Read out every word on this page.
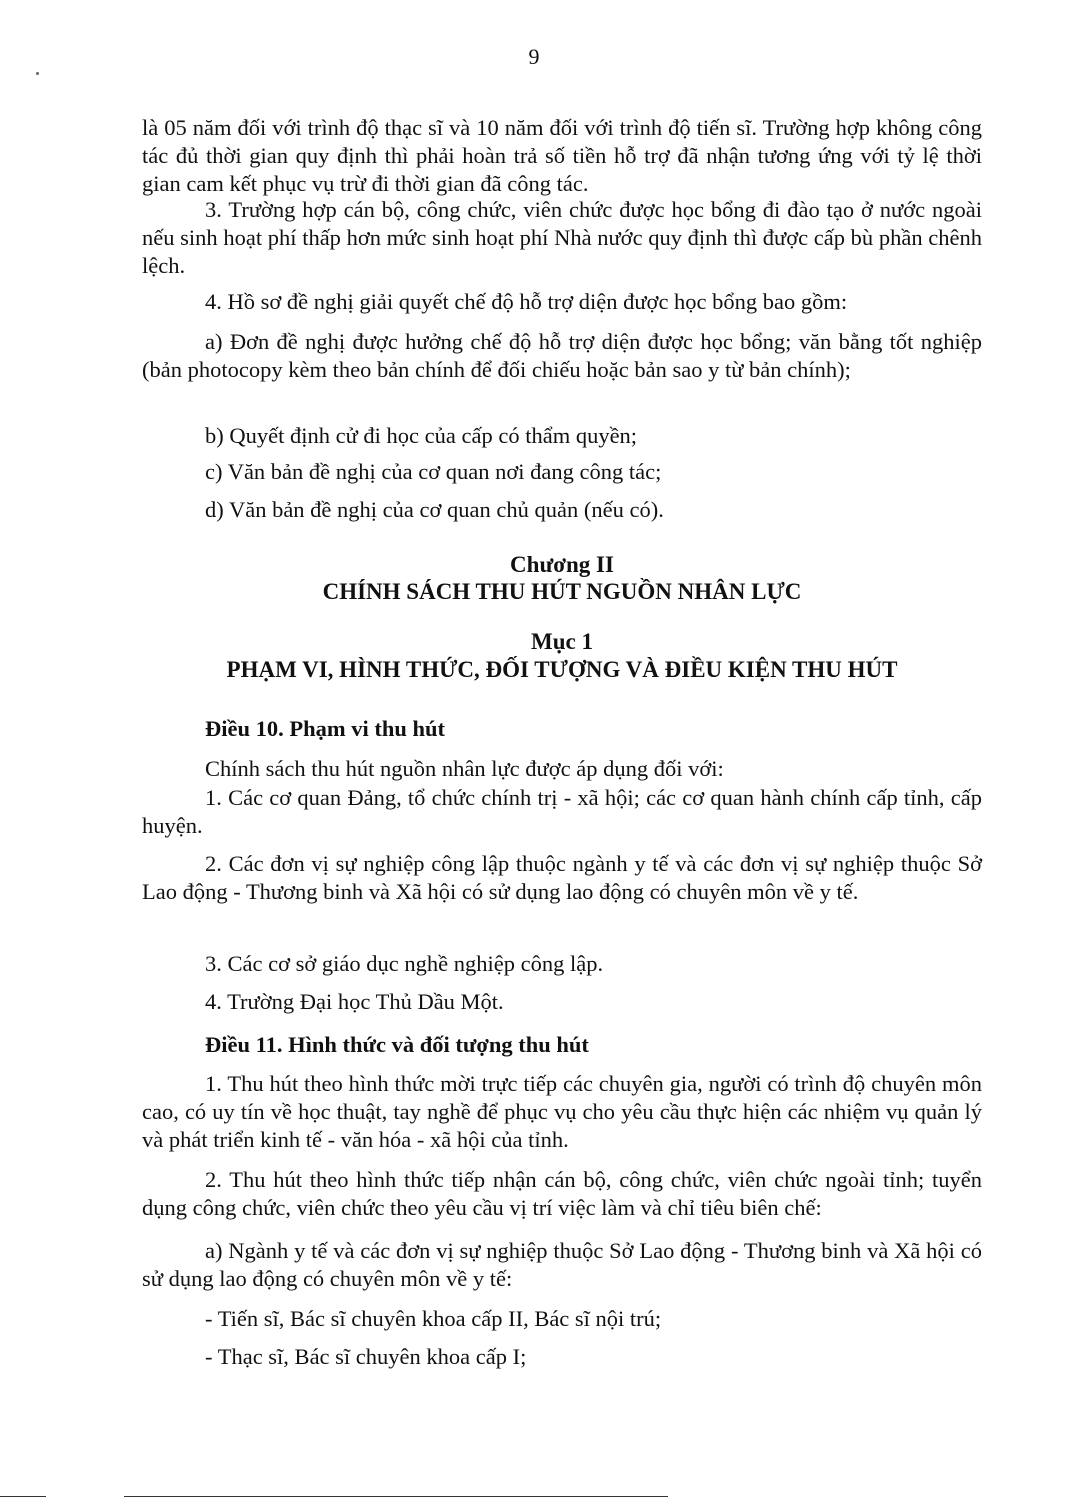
9

là 05 năm đối với trình độ thạc sĩ và 10 năm đối với trình độ tiến sĩ. Trường hợp không công tác đủ thời gian quy định thì phải hoàn trả số tiền hỗ trợ đã nhận tương ứng với tỷ lệ thời gian cam kết phục vụ trừ đi thời gian đã công tác.

3. Trường hợp cán bộ, công chức, viên chức được học bổng đi đào tạo ở nước ngoài nếu sinh hoạt phí thấp hơn mức sinh hoạt phí Nhà nước quy định thì được cấp bù phần chênh lệch.

4. Hồ sơ đề nghị giải quyết chế độ hỗ trợ diện được học bổng bao gồm:

a) Đơn đề nghị được hưởng chế độ hỗ trợ diện được học bổng; văn bằng tốt nghiệp (bản photocopy kèm theo bản chính để đối chiếu hoặc bản sao y từ bản chính);

b) Quyết định cử đi học của cấp có thẩm quyền;

c) Văn bản đề nghị của cơ quan nơi đang công tác;

d) Văn bản đề nghị của cơ quan chủ quản (nếu có).

Chương II
CHÍNH SÁCH THU HÚT NGUỒN NHÂN LỰC
Mục 1
PHẠM VI, HÌNH THỨC, ĐỐI TƯỢNG VÀ ĐIỀU KIỆN THU HÚT
Điều 10. Phạm vi thu hút

Chính sách thu hút nguồn nhân lực được áp dụng đối với:

1. Các cơ quan Đảng, tổ chức chính trị - xã hội; các cơ quan hành chính cấp tỉnh, cấp huyện.

2. Các đơn vị sự nghiệp công lập thuộc ngành y tế và các đơn vị sự nghiệp thuộc Sở Lao động - Thương binh và Xã hội có sử dụng lao động có chuyên môn về y tế.

3. Các cơ sở giáo dục nghề nghiệp công lập.

4. Trường Đại học Thủ Dầu Một.

Điều 11. Hình thức và đối tượng thu hút

1. Thu hút theo hình thức mời trực tiếp các chuyên gia, người có trình độ chuyên môn cao, có uy tín về học thuật, tay nghề để phục vụ cho yêu cầu thực hiện các nhiệm vụ quản lý và phát triển kinh tế - văn hóa - xã hội của tỉnh.

2. Thu hút theo hình thức tiếp nhận cán bộ, công chức, viên chức ngoài tỉnh; tuyển dụng công chức, viên chức theo yêu cầu vị trí việc làm và chỉ tiêu biên chế:

a) Ngành y tế và các đơn vị sự nghiệp thuộc Sở Lao động - Thương binh và Xã hội có sử dụng lao động có chuyên môn về y tế:

- Tiến sĩ, Bác sĩ chuyên khoa cấp II, Bác sĩ nội trú;

- Thạc sĩ, Bác sĩ chuyên khoa cấp I;
